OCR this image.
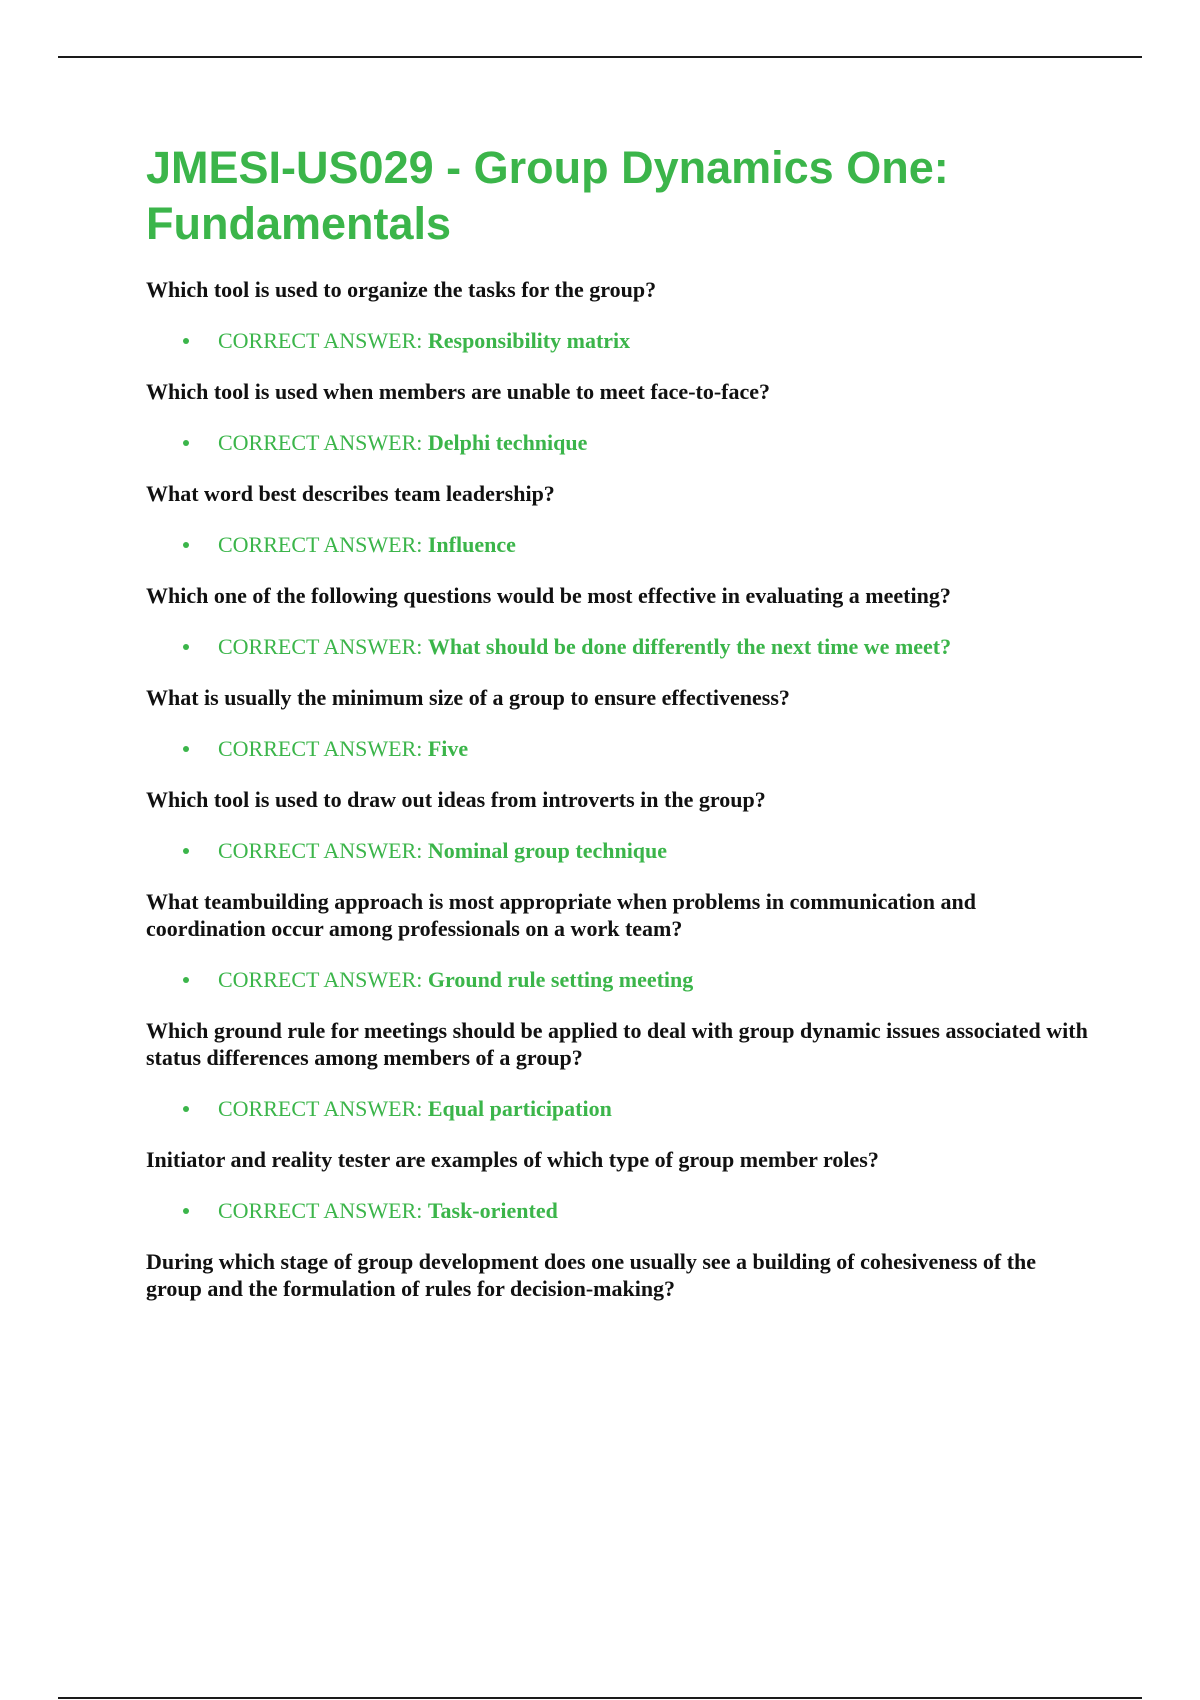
JMESI-US029 - Group Dynamics One: Fundamentals

Which tool is used to organize the tasks for the group?

CORRECT ANSWER: Responsibility matrix

Which tool is used when members are unable to meet face-to-face?

CORRECT ANSWER: Delphi technique

What word best describes team leadership?

CORRECT ANSWER: Influence

Which one of the following questions would be most effective in evaluating a meeting?

CORRECT ANSWER: What should be done differently the next time we meet?

What is usually the minimum size of a group to ensure effectiveness?

CORRECT ANSWER: Five

Which tool is used to draw out ideas from introverts in the group?

CORRECT ANSWER: Nominal group technique

What teambuilding approach is most appropriate when problems in communication and coordination occur among professionals on a work team?

CORRECT ANSWER: Ground rule setting meeting

Which ground rule for meetings should be applied to deal with group dynamic issues associated with status differences among members of a group?

CORRECT ANSWER: Equal participation

Initiator and reality tester are examples of which type of group member roles?

CORRECT ANSWER: Task-oriented

During which stage of group development does one usually see a building of cohesiveness of the group and the formulation of rules for decision-making?
